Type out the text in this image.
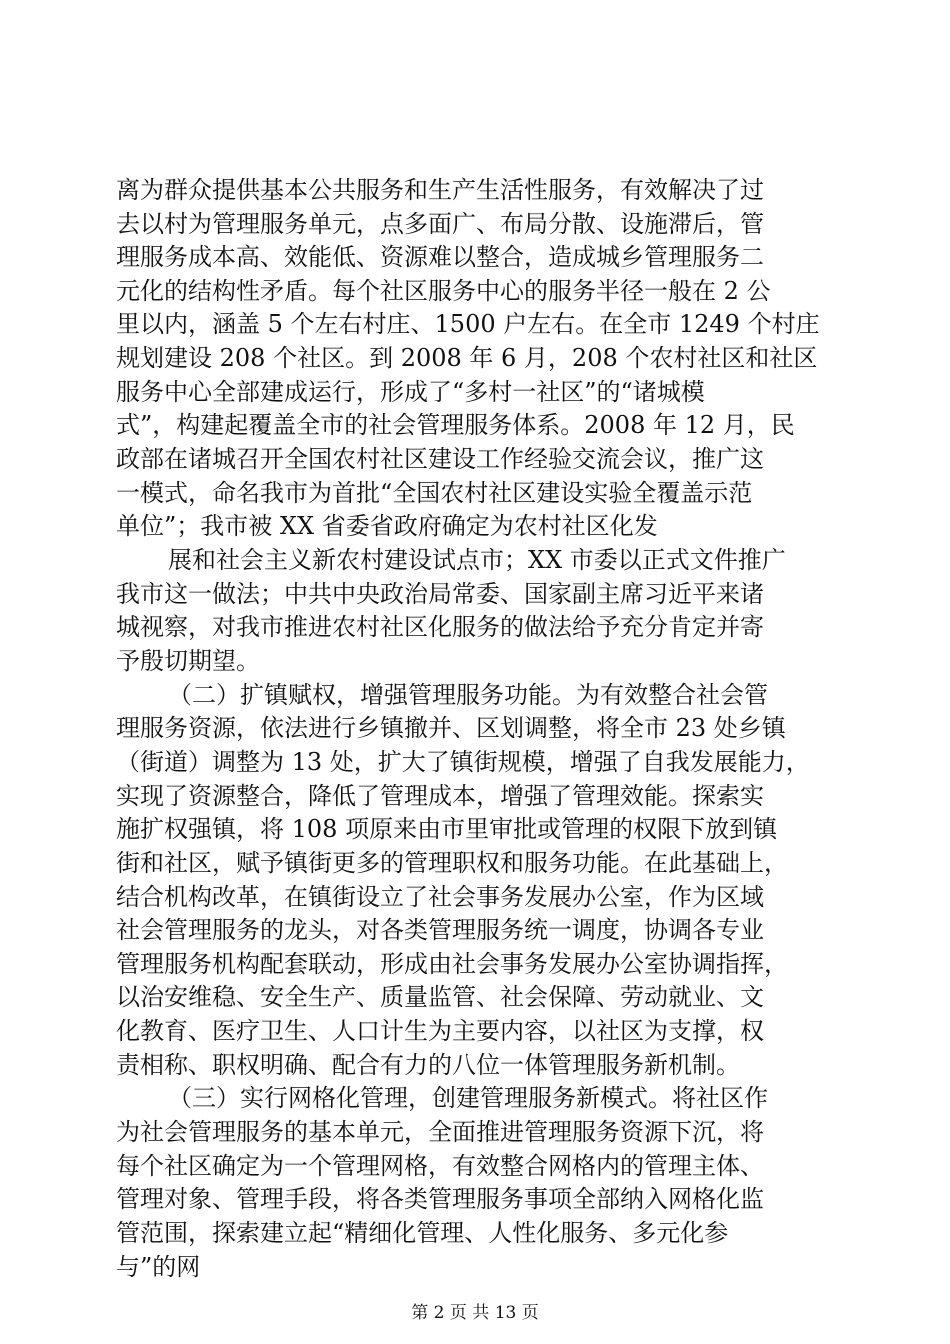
离为群众提供基本公共服务和生产生活性服务，有效解决了过
去以村为管理服务单元，点多面广、布局分散、设施滞后，管
理服务成本高、效能低、资源难以整合，造成城乡管理服务二
元化的结构性矛盾。每个社区服务中心的服务半径一般在 2 公
里以内，涵盖 5 个左右村庄、1500 户左右。在全市 1249 个村庄
规划建设 208 个社区。到 2008 年 6 月，208 个农村社区和社区
服务中心全部建成运行，形成了“多村一社区”的“诸城模
式”，构建起覆盖全市的社会管理服务体系。2008 年 12 月，民
政部在诸城召开全国农村社区建设工作经验交流会议，推广这
一模式，命名我市为首批“全国农村社区建设实验全覆盖示范
单位”；我市被 XX 省委省政府确定为农村社区化发
展和社会主义新农村建设试点市；XX 市委以正式文件推广
我市这一做法；中共中央政治局常委、国家副主席习近平来诸
城视察，对我市推进农村社区化服务的做法给予充分肯定并寄
予殷切期望。
（二）扩镇赋权，增强管理服务功能。为有效整合社会管
理服务资源，依法进行乡镇撤并、区划调整，将全市 23 处乡镇
（街道）调整为 13 处，扩大了镇街规模，增强了自我发展能力，
实现了资源整合，降低了管理成本，增强了管理效能。探索实
施扩权强镇，将 108 项原来由市里审批或管理的权限下放到镇
街和社区，赋予镇街更多的管理职权和服务功能。在此基础上，
结合机构改革，在镇街设立了社会事务发展办公室，作为区域
社会管理服务的龙头，对各类管理服务统一调度，协调各专业
管理服务机构配套联动，形成由社会事务发展办公室协调指挥，
以治安维稳、安全生产、质量监管、社会保障、劳动就业、文
化教育、医疗卫生、人口计生为主要内容，以社区为支撑，权
责相称、职权明确、配合有力的八位一体管理服务新机制。
（三）实行网格化管理，创建管理服务新模式。将社区作
为社会管理服务的基本单元，全面推进管理服务资源下沉，将
每个社区确定为一个管理网格，有效整合网格内的管理主体、
管理对象、管理手段，将各类管理服务事项全部纳入网格化监
管范围，探索建立起“精细化管理、人性化服务、多元化参
与”的网
第 2 页 共 13 页
